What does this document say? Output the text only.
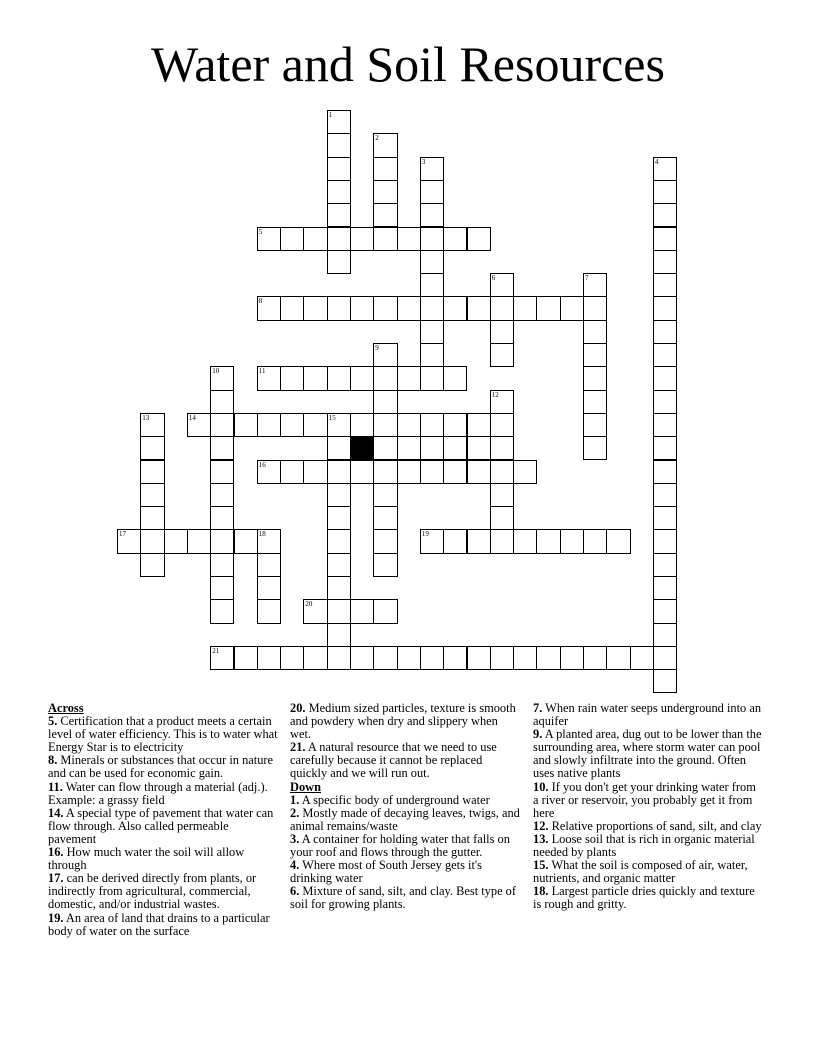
Water and Soil Resources
1
2
3	4
5
6	7
8
9
10	11
12
13	14	15
16
17	18	19
20
21
Across
5. Certification that a product meets a certain level of water efficiency. This is to water what Energy Star is to electricity
8. Minerals or substances that occur in nature and can be used for economic gain.
11. Water can flow through a material (adj.). Example: a grassy field
14. A special type of pavement that water can flow through. Also called permeable pavement
16. How much water the soil will allow through
17. can be derived directly from plants, or indirectly from agricultural, commercial, domestic, and/or industrial wastes.
19. An area of land that drains to a particular body of water on the surface
20. Medium sized particles, texture is smooth and powdery when dry and slippery when wet.
21. A natural resource that we need to use carefully because it cannot be replaced quickly and we will run out.
Down
1. A specific body of underground water
2. Mostly made of decaying leaves, twigs, and animal remains/waste
3. A container for holding water that falls on your roof and flows through the gutter.
4. Where most of South Jersey gets it's drinking water
6. Mixture of sand, silt, and clay. Best type of soil for growing plants.
7. When rain water seeps underground into an aquifer
9. A planted area, dug out to be lower than the surrounding area, where storm water can pool and slowly infiltrate into the ground. Often uses native plants
10. If you don't get your drinking water from a river or reservoir, you probably get it from here
12. Relative proportions of sand, silt, and clay
13. Loose soil that is rich in organic material needed by plants
15. What the soil is composed of air, water, nutrients, and organic matter
18. Largest particle dries quickly and texture is rough and gritty.
